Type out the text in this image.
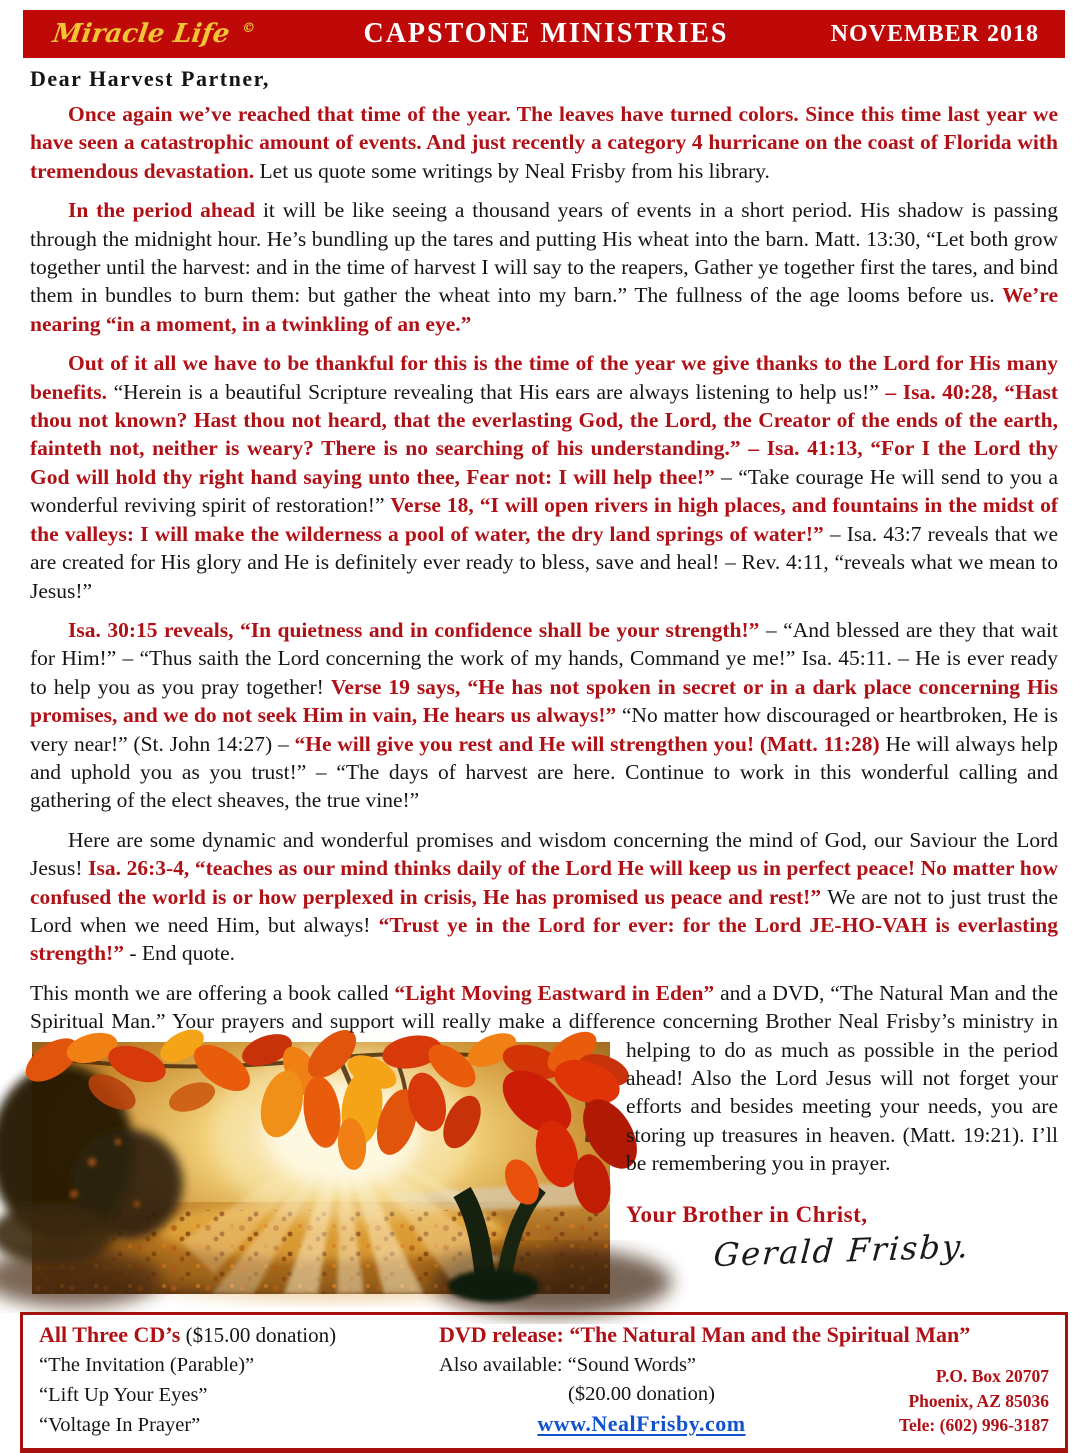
Miracle Life ©	CAPSTONE MINISTRIES	NOVEMBER 2018
Dear Harvest Partner,

Once again we’ve reached that time of the year. The leaves have turned colors. Since this time last year we have seen a catastrophic amount of events. And just recently a category 4 hurricane on the coast of Florida with tremendous devastation. Let us quote some writings by Neal Frisby from his library.

In the period ahead it will be like seeing a thousand years of events in a short period. His shadow is passing through the midnight hour. He’s bundling up the tares and putting His wheat into the barn. Matt. 13:30, “Let both grow together until the harvest: and in the time of harvest I will say to the reapers, Gather ye together first the tares, and bind them in bundles to burn them: but gather the wheat into my barn.” The fullness of the age looms before us. We’re nearing “in a moment, in a twinkling of an eye.”

Out of it all we have to be thankful for this is the time of the year we give thanks to the Lord for His many benefits. “Herein is a beautiful Scripture revealing that His ears are always listening to help us!” – Isa. 40:28, “Hast thou not known? Hast thou not heard, that the everlasting God, the Lord, the Creator of the ends of the earth, fainteth not, neither is weary? There is no searching of his understanding.” – Isa. 41:13, “For I the Lord thy God will hold thy right hand saying unto thee, Fear not: I will help thee!” – “Take courage He will send to you a wonderful reviving spirit of restoration!” Verse 18, “I will open rivers in high places, and fountains in the midst of the valleys: I will make the wilderness a pool of water, the dry land springs of water!” – Isa. 43:7 reveals that we are created for His glory and He is definitely ever ready to bless, save and heal! – Rev. 4:11, “reveals what we mean to Jesus!”

Isa. 30:15 reveals, “In quietness and in confidence shall be your strength!” – “And blessed are they that wait for Him!” – “Thus saith the Lord concerning the work of my hands, Command ye me!” Isa. 45:11. – He is ever ready to help you as you pray together! Verse 19 says, “He has not spoken in secret or in a dark place concerning His promises, and we do not seek Him in vain, He hears us always!” “No matter how discouraged or heartbroken, He is very near!” (St. John 14:27) – “He will give you rest and He will strengthen you! (Matt. 11:28) He will always help and uphold you as you trust!” – “The days of harvest are here. Continue to work in this wonderful calling and gathering of the elect sheaves, the true vine!”

Here are some dynamic and wonderful promises and wisdom concerning the mind of God, our Saviour the Lord Jesus! Isa. 26:3-4, “teaches as our mind thinks daily of the Lord He will keep us in perfect peace! No matter how confused the world is or how perplexed in crisis, He has promised us peace and rest!” We are not to just trust the Lord when we need Him, but always! “Trust ye in the Lord for ever: for the Lord JE-HO-VAH is everlasting strength!” - End quote.

This month we are offering a book called “Light Moving Eastward in Eden” and a DVD, “The Natural Man and the Spiritual Man.” Your prayers and support will really make a difference concerning Brother Neal
Frisby’s ministry in helping to do as much as possible in the period ahead! Also the Lord Jesus will not forget your efforts and besides meeting your needs, you are storing up treasures in heaven. (Matt. 19:21). I’ll be remembering you in prayer.

Your Brother in Christ,

Gerald Frisby.
All Three CD’s ($15.00 donation)
“The Invitation (Parable)”
“Lift Up Your Eyes”
“Voltage In Prayer”
DVD release: “The Natural Man and the Spiritual Man”
Also available: “Sound Words”
($20.00 donation)
www.NealFrisby.com
P.O. Box 20707
Phoenix, AZ 85036
Tele: (602) 996-3187
